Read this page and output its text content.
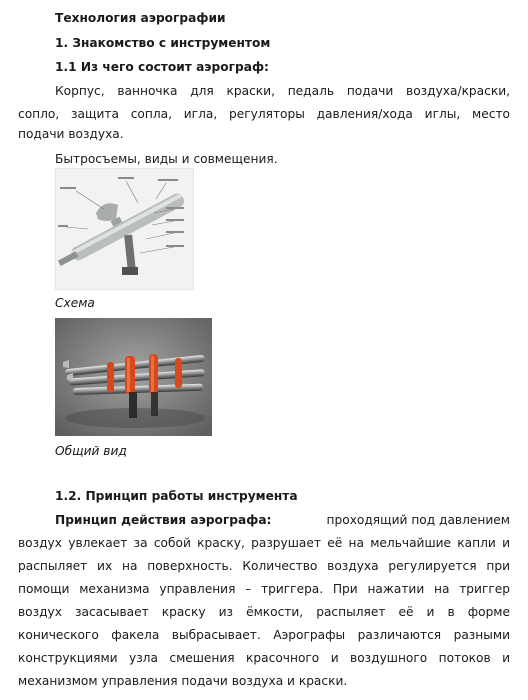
Технология аэрографии
1. Знакомство с инструментом
1.1 Из чего состоит аэрограф:
Корпус, ванночка для краски, педаль подачи воздуха/краски,
сопло, защита сопла, игла, регуляторы давления/хода иглы, место
подачи воздуха.
Бытросъемы, виды и совмещения.
Схема
Общий вид
1.2. Принцип работы инструмента
Принцип действия аэрографа:	проходящий под давлением
воздух увлекает за собой краску, разрушает её на мельчайшие капли и
распыляет их на поверхность. Количество воздуха регулируется при
помощи механизма управления – триггера. При нажатии на триггер
воздух засасывает краску из ёмкости, распыляет её и в форме
конического факела выбрасывает. Аэрографы различаются разными
конструкциями узла смешения красочного и воздушного потоков и
механизмом управления подачи воздуха и краски.
